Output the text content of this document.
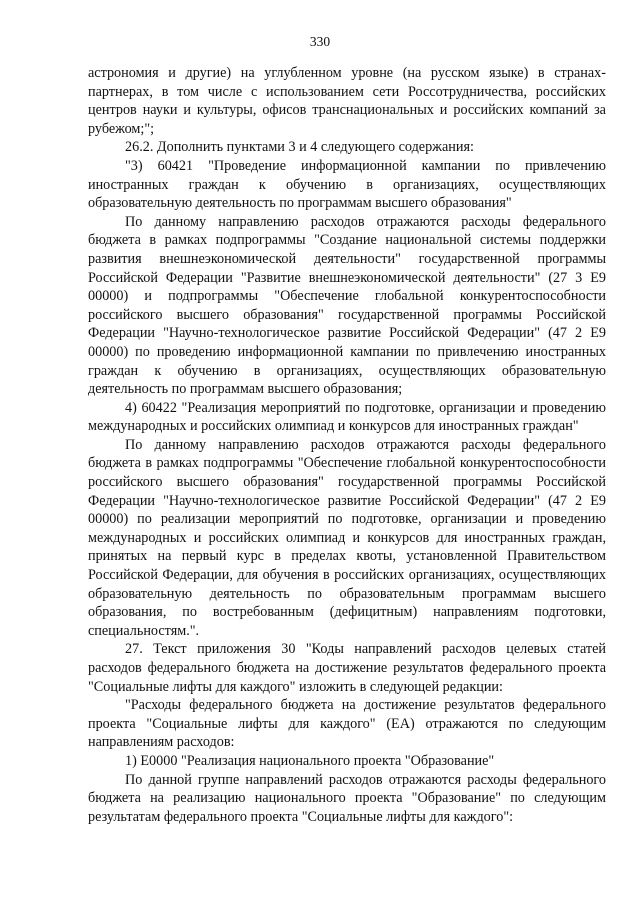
330

астрономия и другие) на углубленном уровне (на русском языке) в странах-партнерах, в том числе с использованием сети Россотрудничества, российских центров науки и культуры, офисов транснациональных и российских компаний за рубежом;";

26.2. Дополнить пунктами 3 и 4 следующего содержания:

"3) 60421 "Проведение информационной кампании по привлечению иностранных граждан к обучению в организациях, осуществляющих образовательную деятельность по программам высшего образования"

По данному направлению расходов отражаются расходы федерального бюджета в рамках подпрограммы "Создание национальной системы поддержки развития внешнеэкономической деятельности" государственной программы Российской Федерации "Развитие внешнеэкономической деятельности" (27 3 E9 00000) и подпрограммы "Обеспечение глобальной конкурентоспособности российского высшего образования" государственной программы Российской Федерации "Научно-технологическое развитие Российской Федерации" (47 2 E9 00000) по проведению информационной кампании по привлечению иностранных граждан к обучению в организациях, осуществляющих образовательную деятельность по программам высшего образования;

4) 60422 "Реализация мероприятий по подготовке, организации и проведению международных и российских олимпиад и конкурсов для иностранных граждан"

По данному направлению расходов отражаются расходы федерального бюджета в рамках подпрограммы "Обеспечение глобальной конкурентоспособности российского высшего образования" государственной программы Российской Федерации "Научно-технологическое развитие Российской Федерации" (47 2 E9 00000) по реализации мероприятий по подготовке, организации и проведению международных и российских олимпиад и конкурсов для иностранных граждан, принятых на первый курс в пределах квоты, установленной Правительством Российской Федерации, для обучения в российских организациях, осуществляющих образовательную деятельность по образовательным программам высшего образования, по востребованным (дефицитным) направлениям подготовки, специальностям.".

27. Текст приложения 30 "Коды направлений расходов целевых статей расходов федерального бюджета на достижение результатов федерального проекта "Социальные лифты для каждого" изложить в следующей редакции:

"Расходы федерального бюджета на достижение результатов федерального проекта "Социальные лифты для каждого" (EA) отражаются по следующим направлениям расходов:

1) E0000 "Реализация национального проекта "Образование"

По данной группе направлений расходов отражаются расходы федерального бюджета на реализацию национального проекта "Образование" по следующим результатам федерального проекта "Социальные лифты для каждого":
